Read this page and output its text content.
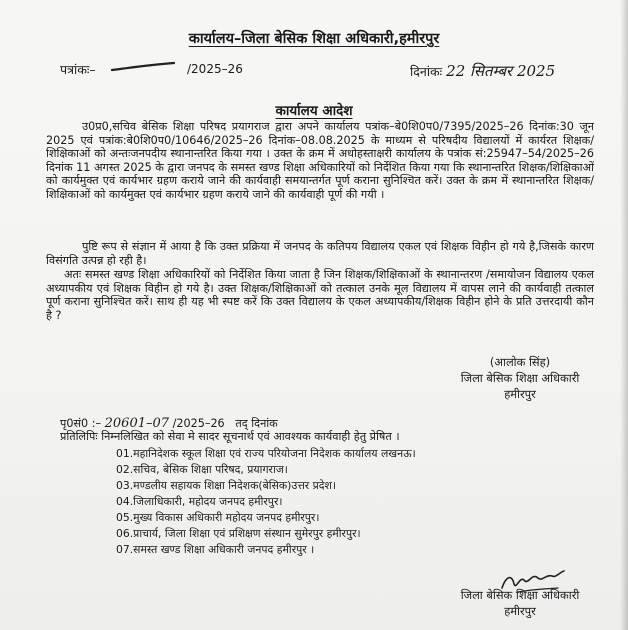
कार्यालय–जिला बेसिक शिक्षा अधिकारी,हमीरपुर
पत्रांकः–	/2025–26	दिनांकः 22 सितम्बर 2025
कार्यालय आदेश

उ0प्र0,सचिव बेसिक शिक्षा परिषद प्रयागराज द्वारा अपने कार्यालय पत्रांक–बे0शि0प0/7395/2025–26 दिनांक:30 जून 2025 एवं पत्रांक:बे0शि0प0/10646/2025–26 दिनांक–08.08.2025 के माध्यम से परिषदीय विद्यालयों में कार्यरत शिक्षक/शिक्षिकाओं को अन्तःजनपदीय स्थानान्तरित किया गया । उक्त के क्रम में अधोहस्ताक्षरी कार्यालय के पत्रांक सं:25947–54/2025–26 दिनांक 11 अगस्त 2025 के द्वारा जनपद के समस्त खण्ड शिक्षा अधिकारियों को निर्देशित किया गया कि स्थानान्तरित शिक्षक/शिक्षिकाओं को कार्यमुक्त एवं कार्यभार ग्रहण कराये जाने की कार्यवाही समयान्तर्गत पूर्ण कराना सुनिश्चित करें। उक्त के क्रम में स्थानान्तरित शिक्षक/शिक्षिकाओं को कार्यमुक्त एवं कार्यभार ग्रहण कराये जाने की कार्यवाही पूर्ण की गयी ।

पुष्टि रूप से संज्ञान में आया है कि उक्त प्रक्रिया में जनपद के कतिपय विद्यालय एकल एवं शिक्षक विहीन हो गये है,जिसके कारण विसंगति उत्पन्न हो रही है।

अतः समस्त खण्ड शिक्षा अधिकारियों को निर्देशित किया जाता है जिन शिक्षक/शिक्षिकाओं के स्थानान्तरण /समायोजन विद्यालय एकल अध्यापकीय एवं शिक्षक विहीन हो गये है। उक्त शिक्षक/शिक्षिकाओं को तत्काल उनके मूल विद्यालय में वापस लाने की कार्यवाही तत्काल पूर्ण कराना सुनिश्चित करें। साथ ही यह भी स्पष्ट करें कि उक्त विद्यालय के एकल अध्यापकीय/शिक्षक विहीन होने के प्रति उत्तरदायी कौन है ?

(आलोक सिंह)
जिला बेसिक शिक्षा अधिकारी
हमीरपुर
पृ0सं0 :– 20601–07 /2025–26 तद् दिनांक
प्रतिलिपिः निम्नलिखित को सेवा मे सादर सूचनार्थ एवं आवश्यक कार्यवाही हेतु प्रेषित ।
01.महानिदेशक स्कूल शिक्षा एवं राज्य परियोजना निदेशक कार्यालय लखनऊ।
02.सचिव, बेसिक शिक्षा परिषद, प्रयागराज।
03.मण्डलीय सहायक शिक्षा निदेशक(बेसिक)उत्तर प्रदेश।
04.जिलाधिकारी, महोदय जनपद हमीरपुर।
05.मुख्य विकास अधिकारी महोदय जनपद हमीरपुर।
06.प्राचार्य, जिला शिक्षा एवं प्रशिक्षण संस्थान सुमेरपुर हमीरपुर।
07.समस्त खण्ड शिक्षा अधिकारी जनपद हमीरपुर ।
जिला बेसिक शिक्षा अधिकारी
हमीरपुर
